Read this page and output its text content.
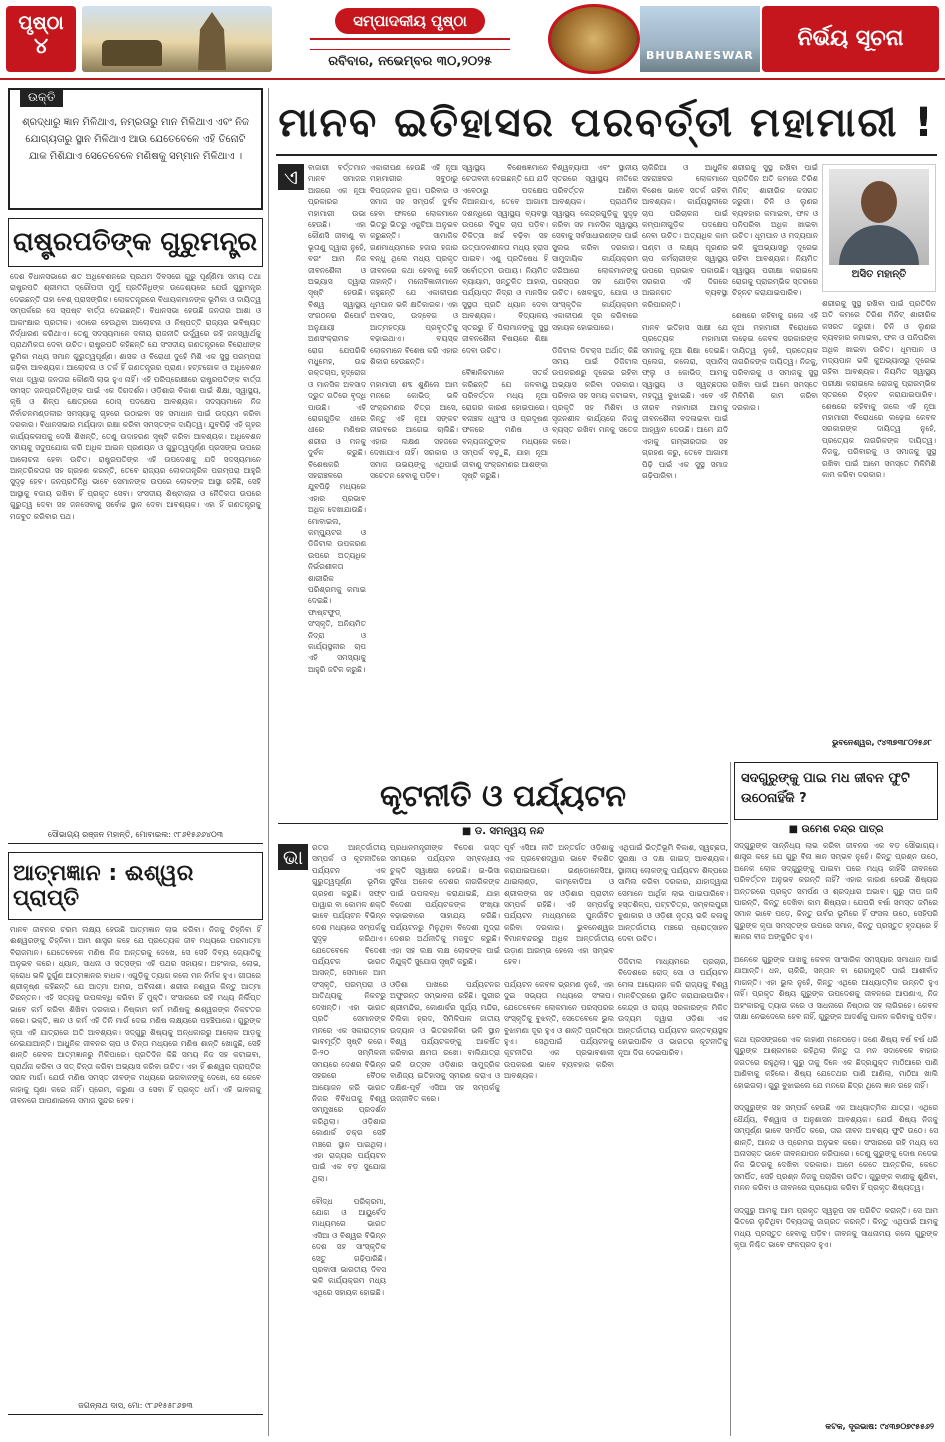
ପୃଷ୍ଠା
୪
ସମ୍ପାଦକୀୟ ପୃଷ୍ଠା
ରବିବାର, ନଭେମ୍ବର ୩୦,୨୦୨୫	BHUBANESWAR
ନିର୍ଭୟ ସୂଚନା
ଉକ୍ତି

ଶ୍ରଦ୍ଧାରୁ ଜ୍ଞାନ ମିଳିଥାଏ, ନମ୍ରତାରୁ ମାନ ମିଳିଥାଏ ଏବଂ ନିଜ ଯୋଗ୍ୟତାରୁ ସ୍ଥାନ ମିଳିଥାଏ ଆଉ ଯେତେବେଳେ ଏହି ତିନୋଟି ଯାକ ମିଶିଯାଏ ସେତେବେଳେ ମଣିଷକୁ ସମ୍ମାନ ମିଳିଥାଏ ।

ରାଷ୍ଟ୍ରପତିଙ୍କ ଗୁରୁମନ୍ତ୍ର
ଦେଶ ବିଧାନସଭାରେ ଶତ ଅଧିବେଶନରେ ପ୍ରଥମ ଦିବସରେ ଗୁରୁ ପୂର୍ଣ୍ଣିମା ସମୟ ତଥା ରାଷ୍ଟ୍ରପତି ଶ୍ରୀମତୀ ଦ୍ରୌପଦୀ ମୁର୍ମୁ ପ୍ରତିନିଧିଙ୍କ ଉଦ୍ଦେଶ୍ୟରେ ଯେଉଁ ଗୁରୁମନ୍ତ୍ର ଦେଇଛନ୍ତି ତାହା ବେଶ୍ ପ୍ରାସଙ୍ଗିକ। ଲୋକତନ୍ତ୍ରରେ ବିଧାୟକମାନଙ୍କ ଭୂମିକା ଓ ଦାୟିତ୍ୱ ସମ୍ପର୍କରେ ସେ ସ୍ପଷ୍ଟ ବାର୍ତ୍ତା ଦେଇଛନ୍ତି। ବିଧାନସଭା ହେଉଛି ଜନତାର ଆଶା ଓ ଆକାଂକ୍ଷାର ପ୍ରତୀକ। ଏଠାରେ ହେଉଥିବା ଆଲୋଚନା ଓ ନିଷ୍ପତ୍ତି ରାଜ୍ୟର ଭବିଷ୍ୟତ ନିର୍ଦ୍ଧାରଣ କରିଥାଏ। ତେଣୁ ସଦସ୍ୟମାନେ ଦଳୀୟ ରାଜନୀତି ଉର୍ଦ୍ଧ୍ୱରେ ରହି ଜନସ୍ୱାର୍ଥକୁ ପ୍ରାଥମିକତା ଦେବା ଉଚିତ। ରାଷ୍ଟ୍ରପତି କହିଛନ୍ତି ଯେ ସଂସଦୀୟ ଗଣତନ୍ତ୍ରରେ ବିରୋଧୀଙ୍କ ଭୂମିକା ମଧ୍ୟ ସମାନ ଗୁରୁତ୍ୱପୂର୍ଣ୍ଣ। ଶାସକ ଓ ବିରୋଧୀ ଦୁହେଁ ମିଶି ଏକ ସୁସ୍ଥ ପରମ୍ପରା ଗଢ଼ିବା ଆବଶ୍ୟକ। ଆଲୋଚନା ଓ ତର୍କ ହିଁ ଗଣତନ୍ତ୍ରର ପ୍ରାଣ। ହଟ୍ଟଗୋଳ ଓ ଅଧିବେଶନ ବାଧା ଦ୍ୱାରା ଜନତାର କୌଣସି ଲାଭ ହୁଏ ନାହିଁ। ଏହି ପରିପ୍ରେକ୍ଷୀରେ ରାଷ୍ଟ୍ରପତିଙ୍କ ବାର୍ତ୍ତା ସମସ୍ତ ଜନପ୍ରତିନିଧିଙ୍କ ପାଇଁ ଏକ ଦିଗଦର୍ଶନ। ଓଡ଼ିଶାର ବିକାଶ ପାଇଁ ଶିକ୍ଷା, ସ୍ୱାସ୍ଥ୍ୟ, କୃଷି ଓ ଶିଳ୍ପ କ୍ଷେତ୍ରରେ ଠୋସ୍ ପଦକ୍ଷେପ ଆବଶ୍ୟକ। ସଦସ୍ୟମାନେ ନିଜ ନିର୍ବାଚନମଣ୍ଡଳୀର ସମସ୍ୟାକୁ ଗୃହରେ ଉଠାଇବା ସହ ସମାଧାନ ପାଇଁ ଉଦ୍ୟମ କରିବା ଦରକାର। ବିଧାନସଭାର ମର୍ଯ୍ୟାଦା ରକ୍ଷା କରିବା ସମସ୍ତଙ୍କ ଦାୟିତ୍ୱ। ଯୁବପିଢ଼ି ଏହି ଗୃହର କାର୍ଯ୍ୟକଳାପକୁ ଦେଖି ଶିଖନ୍ତି, ତେଣୁ ଉଦାହରଣ ସୃଷ୍ଟି କରିବା ଆବଶ୍ୟକ। ଅଧିବେଶନ ସମୟକୁ ସଦୁପଯୋଗ କରି ଅଧିକ ଆଇନ ପ୍ରଣୟନ ଓ ଗୁରୁତ୍ୱପୂର୍ଣ୍ଣ ପ୍ରସଙ୍ଗ ଉପରେ ଆଲୋଚନା ହେବା ଉଚିତ। ରାଷ୍ଟ୍ରପତିଙ୍କ ଏହି ଉପଦେଶକୁ ଯଦି ସଦସ୍ୟମାନେ ଆନ୍ତରିକତାର ସହ ଗ୍ରହଣ କରନ୍ତି, ତେବେ ରାଜ୍ୟର ଲୋକତାନ୍ତ୍ରିକ ପରମ୍ପରା ଆହୁରି ସୁଦୃଢ଼ ହେବ। ଜନପ୍ରତିନିଧି ଭାବେ ସେମାନଙ୍କ ଉପରେ ଲୋକଙ୍କ ଆସ୍ଥା ରହିଛି, ସେହି ଆସ୍ଥାକୁ ବଜାୟ ରଖିବା ହିଁ ପ୍ରକୃତ ସେବା। ସଂସଦୀୟ ଶିଷ୍ଟାଚାର ଓ ନୈତିକତା ଉପରେ ଗୁରୁତ୍ୱ ଦେବା ସହ ଜନସେବାକୁ ସର୍ବୋଚ୍ଚ ସ୍ଥାନ ଦେବା ଆବଶ୍ୟକ। ଏହା ହିଁ ଗଣତନ୍ତ୍ରକୁ ମଜବୁତ କରିବାର ପଥ।
ସୌଭାଗ୍ୟ ରଞ୍ଜନ ମହାନ୍ତି, ମୋବାଇଲ: ୯୮୬୧୫୬୬୪୦୩
ଆତ୍ମଜ୍ଞାନ : ଈଶ୍ୱର ପ୍ରାପ୍ତି
ମାନବ ଜୀବନର ଚରମ ଲକ୍ଷ୍ୟ ହେଉଛି ଆତ୍ମଜ୍ଞାନ ଲାଭ କରିବା। ନିଜକୁ ଚିହ୍ନିବା ହିଁ ଈଶ୍ୱରଙ୍କୁ ଚିହ୍ନିବା। ଆମ ଶାସ୍ତ୍ର କହେ ଯେ ପ୍ରତ୍ୟେକ ଜୀବ ମଧ୍ୟରେ ପରମାତ୍ମା ବିରାଜମାନ। ଯେତେବେଳେ ମଣିଷ ନିଜ ଅନ୍ତରକୁ ଦେଖେ, ସେ ସେହି ଦିବ୍ୟ ଜ୍ୟୋତିକୁ ଅନୁଭବ କରେ। ଧ୍ୟାନ, ସାଧନା ଓ ସତ୍ସଙ୍ଗ ଏହି ପଥର ସହାୟକ। ଅହଂକାର, ଲୋଭ, କ୍ରୋଧ ଭଳି ଦୁର୍ଗୁଣ ଆତ୍ମଜ୍ଞାନର ବାଧକ। ଏଗୁଡ଼ିକୁ ତ୍ୟାଗ କଲେ ମନ ନିର୍ମଳ ହୁଏ। ଗୀତାରେ ଶ୍ରୀକୃଷ୍ଣ କହିଛନ୍ତି ଯେ ଆତ୍ମା ଅମର, ଅବିନାଶୀ। ଶରୀର ନଶ୍ୱର କିନ୍ତୁ ଆତ୍ମା ଚିରନ୍ତନ। ଏହି ସତ୍ୟକୁ ଉପଲବ୍ଧି କରିବା ହିଁ ମୁକ୍ତି। ସଂସାରରେ ରହି ମଧ୍ୟ ନିର୍ଲିପ୍ତ ଭାବେ କର୍ମ କରିବା ଶିଖିବା ଦରକାର। ନିଷ୍କାମ କର୍ମ ମଣିଷକୁ ଈଶ୍ୱରଙ୍କ ନିକଟତର କରେ। ଭକ୍ତି, ଜ୍ଞାନ ଓ କର୍ମ ଏହି ତିନି ମାର୍ଗ ଦେଇ ମଣିଷ ଲକ୍ଷ୍ୟରେ ପହଞ୍ଚିପାରେ। ଗୁରୁଙ୍କ କୃପା ଏହି ଯାତ୍ରାରେ ଅତି ଆବଶ୍ୟକ। ସଦ୍ଗୁରୁ ଶିଷ୍ୟକୁ ଅନ୍ଧକାରରୁ ଆଲୋକ ଆଡ଼କୁ ନେଇଯାଆନ୍ତି। ଆଧୁନିକ ଜୀବନର ଚାପ ଓ ଚିନ୍ତା ମଧ୍ୟରେ ମଣିଷ ଶାନ୍ତି ଖୋଜୁଛି, ସେହି ଶାନ୍ତି କେବଳ ଆତ୍ମଜ୍ଞାନରୁ ମିଳିପାରେ। ପ୍ରତିଦିନ କିଛି ସମୟ ନିଜ ସହ କଟାଇବା, ପ୍ରାର୍ଥନା କରିବା ଓ ସତ୍ ଚିନ୍ତା କରିବା ଅଭ୍ୟାସ କରିବା ଉଚିତ। ଏହା ହିଁ ଈଶ୍ୱର ପ୍ରାପ୍ତିର ସରଳ ମାର୍ଗ। ଯେଉଁ ମଣିଷ ସମସ୍ତ ଜୀବଙ୍କ ମଧ୍ୟରେ ଭଗବାନଙ୍କୁ ଦେଖେ, ସେ କେବେ କାହାକୁ ଘୃଣା କରେ ନାହିଁ। ପ୍ରେମ, କରୁଣା ଓ ସେବା ହିଁ ପ୍ରକୃତ ଧର୍ମ। ଏହି ଭାବନାକୁ ଜୀବନରେ ଆପଣାଇଲେ ସମାଜ ସୁନ୍ଦର ହେବ।
ଜଗନ୍ନାଥ ଦାସ, ମୋ: ୯୮୬୧୫୫୮୬୭୩
ମାନବ ଇତିହାସର ପରବର୍ତ୍ତୀ ମହାମାରୀ !
ଏ	ବାଜାରୀ ବର୍ତ୍ତମାନ ମାନବ ସମାଜର ଆଗରେ ଏକ ନୂଆ ପ୍ରକାରର ମହାମାରୀ ଉଭା ହେଉଛି। ଏହା କୌଣସି ଜୀବାଣୁ ବା ଭୂତାଣୁ ଦ୍ୱାରା ନୁହେଁ, ବରଂ ଆମ ନିଜ ଜୀବନଶୈଳୀ ଓ ଅଭ୍ୟାସ ଦ୍ୱାରା ସୃଷ୍ଟି ହେଉଛି। ବିଶ୍ୱ ସ୍ୱାସ୍ଥ୍ୟ ସଂଗଠନର ରିପୋର୍ଟ ଅନୁଯାୟୀ ଅଣସଂକ୍ରାମକ ରୋଗ ଯେପରିକି ମଧୁମେହ, ଉଚ୍ଚ ରକ୍ତଚାପ, ହୃଦ୍‌ରୋଗ ଓ ମାନସିକ ଅବସାଦ ଦ୍ରୁତ ଗତିରେ ବୃଦ୍ଧି ପାଉଛି। ଏହି ରୋଗଗୁଡ଼ିକ ଧୀରେ ଧୀରେ ମଣିଷର ଶରୀର ଓ ମନକୁ ଦୁର୍ବଳ କରୁଛି। ବିଶେଷକରି ସହରାଞ୍ଚଳରେ ଯୁବପିଢ଼ି ମଧ୍ୟରେ ଏହାର ପ୍ରଭାବ ଅଧିକ ଦେଖାଯାଉଛି। ମୋବାଇଲ, କମ୍ପ୍ୟୁଟର ଓ ଡିଜିଟାଲ ଉପକରଣ ଉପରେ ଅତ୍ୟଧିକ ନିର୍ଭରଶୀଳତା ଶାରୀରିକ ପରିଶ୍ରମକୁ କମାଇ ଦେଇଛି। ଫାଷ୍ଟଫୁଡ୍ ସଂସ୍କୃତି, ଅନିୟମିତ ନିଦ୍ରା ଓ କାର୍ଯ୍ୟସ୍ଥଳୀର ଚାପ ଏହି ସମସ୍ୟାକୁ ଆହୁରି ଜଟିଳ କରୁଛି।
ଏକାକୀପଣ ହେଉଛି ଏହି ନୂଆ ମହାମାରୀର ସବୁଠାରୁ ବିପଜ୍ଜନକ ରୂପ। ପରିବାର ଓ ସମାଜ ସହ ସମ୍ପର୍କ ଦୁର୍ବଳ ହେବା ଫଳରେ ଲୋକମାନେ ଭିତରୁ ଭିତରୁ ଏକୁଟିଆ ଅନୁଭବ କରୁଛନ୍ତି। ସାମାଜିକ ଗଣମାଧ୍ୟମରେ ହଜାର ହଜାର ବନ୍ଧୁ ଥିଲେ ମଧ୍ୟ ପ୍ରକୃତ ଜୀବନରେ କଥା ହେବାକୁ କେହି ନାହାନ୍ତି। ମନୋବିଜ୍ଞାନୀମାନେ କହୁଛନ୍ତି ଯେ ଏକାକୀପଣ ଧୂମପାନ ଭଳି କ୍ଷତିକାରକ। ଏହା ଅବସାଦ, ଉଦ୍‌ବେଗ ଓ ଆତ୍ମହତ୍ୟା ପ୍ରବୃତ୍ତିକୁ ବଢ଼ାଇଥାଏ। ବୟସ୍କ ଲୋକମାନେ ବିଶେଷ କରି ଏହାର ଶିକାର ହେଉଛନ୍ତି।

ମହାମାରୀ ଶବ୍ଦ ଶୁଣିଲେ ଆମ ମନରେ କୋଭିଡ୍ ଭଳି ସଂକ୍ରମଣର ଚିତ୍ର ଆସେ, କିନ୍ତୁ ଏହି ନୂଆ ସଙ୍କଟ ନୀରବରେ ଆଗେଇ ଚାଲିଛି। ଏହାର ଲକ୍ଷଣ ସହଜରେ ଦେଖାଯାଏ ନାହିଁ। ସରକାର ଓ ସମାଜ ଉଭୟଙ୍କୁ ଏଥିପାଇଁ ସଚେତନ ହେବାକୁ ପଡ଼ିବ।
ସ୍ୱାସ୍ଥ୍ୟ ବିଶେଷଜ୍ଞମାନେ ଚେତାବନୀ ଦେଇଛନ୍ତି ଯେ ଯଦି ଏବେଠାରୁ ପଦକ୍ଷେପ ନିଆନଯାଏ, ତେବେ ଆଗାମୀ ଦଶନ୍ଧିରେ ସ୍ୱାସ୍ଥ୍ୟ ବ୍ୟବସ୍ଥା ଉପରେ ବିପୁଳ ଚାପ ପଡ଼ିବ। ଚିକିତ୍ସା ଖର୍ଚ୍ଚ ବଢ଼ିବା ସହ ଉତ୍ପାଦନଶୀଳତା ମଧ୍ୟ ହ୍ରାସ ପାଇବ। ଏଣୁ ପ୍ରତିଷେଧ ହିଁ ସର୍ବୋତ୍ତମ ଉପାୟ। ନିୟମିତ ବ୍ୟାୟାମ, ସନ୍ତୁଳିତ ଆହାର, ପର୍ଯ୍ୟାପ୍ତ ନିଦ୍ରା ଓ ମାନସିକ ସୁସ୍ଥତା ପ୍ରତି ଧ୍ୟାନ ଦେବା ଆବଶ୍ୟକ। ବିଦ୍ୟାଳୟ ସ୍ତରରୁ ହିଁ ପିଲାମାନଙ୍କୁ ସୁସ୍ଥ ଜୀବନଶୈଳୀ ବିଷୟରେ ଶିକ୍ଷା ଦେବା ଉଚିତ।

ବୈଜ୍ଞାନିକମାନେ ସତର୍କ କରିଛନ୍ତି ଯେ ଜଳବାୟୁ ପରିବର୍ତ୍ତନ ମଧ୍ୟ ନୂଆ ରୋଗର କାରଣ ହୋଇପାରେ। ବନାଞ୍ଚଳ ଧ୍ୱଂସ ଓ ପ୍ରଦୂଷଣ ଫଳରେ ମଣିଷ ଓ ବନ୍ୟଜନ୍ତୁଙ୍କ ମଧ୍ୟରେ ସମ୍ପର୍କ ବଢ଼ୁଛି, ଯାହା ନୂଆ ଜୀବାଣୁ ସଂକ୍ରମଣର ଆଶଙ୍କା ସୃଷ୍ଟି କରୁଛି।
ବିଶ୍ୱବ୍ୟାପୀ ଏବଂ ସ୍ଥାନୀୟ ସ୍ତରରେ ସ୍ୱାସ୍ଥ୍ୟ ନୀତିରେ ପରିବର୍ତ୍ତନ ଆଣିବା ଆବଶ୍ୟକ। ପ୍ରାଥମିକ ସ୍ୱାସ୍ଥ୍ୟ କେନ୍ଦ୍ରଗୁଡ଼ିକୁ ସୁଦୃଢ଼ କରିବା ସହ ମାନସିକ ସ୍ୱାସ୍ଥ୍ୟ ସେବାକୁ ସର୍ବସାଧାରଣଙ୍କ ପାଇଁ ସୁଲଭ କରିବା ଦରକାର। ସାମୁଦାୟିକ କାର୍ଯ୍ୟକ୍ରମ ଜରିଆରେ ଲୋକମାନଙ୍କୁ ପରସ୍ପର ସହ ଯୋଡ଼ିବା ଉଚିତ। ଖେଳକୁଦ, ଯୋଗ ଓ ସାଂସ୍କୃତିକ କାର୍ଯ୍ୟକ୍ରମ ଏକାକୀପଣ ଦୂର କରିବାରେ ସହାୟକ ହୋଇପାରେ।

ଡିଜିଟାଲ ଡିଟକ୍ସ ଅର୍ଥାତ୍ କିଛି ସମୟ ପାଇଁ ଡିଜିଟାଲ ଉପକରଣରୁ ଦୂରେଇ ରହିବା ଅଭ୍ୟାସ କରିବା ଦରକାର। ପରିବାର ସହ ସମୟ କଟାଇବା, ପ୍ରକୃତି ସହ ମିଶିବା ଓ ସୃଜନଶୀଳ କାର୍ଯ୍ୟରେ ନିଜକୁ ବ୍ୟସ୍ତ ରଖିବା ମନକୁ ସତେଜ କରେ।
ଚାକିରିଆ ଓ ଆଧୁନିକ ସହରାଞ୍ଚଳର ଲୋକମାନେ ବିଶେଷ ଭାବେ ସତର୍କ ରହିବା ଆବଶ୍ୟକ। କାର୍ଯ୍ୟସ୍ଥଳୀରେ ଚାପ ପରିଚାଳନା ପାଇଁ କମ୍ପାନୀଗୁଡ଼ିକ ପଦକ୍ଷେପ ନେବା ଉଚିତ। ଅତ୍ୟଧିକ କାମ ଘଣ୍ଟା ଓ ଲକ୍ଷ୍ୟ ପୂରଣର ଚାପ କର୍ମଚାରୀଙ୍କ ସ୍ୱାସ୍ଥ୍ୟ ଉପରେ ପ୍ରଭାବ ପକାଉଛି। ସରକାର ଏହି ଦିଗରେ ଆଇନଗତ ବ୍ୟବସ୍ଥା କରିପାରନ୍ତି।

ମାନବ ଇତିହାସ ସାକ୍ଷୀ ଯେ ପ୍ରତ୍ୟେକ ମହାମାରୀ ସମାଜକୁ ନୂଆ ଶିକ୍ଷା ଦେଇଛି। ପ୍ଲେଗ, କଲେରା, ସ୍ପାନିସ୍ ଫ୍ଲୁ ଓ କୋଭିଡ୍ ଆମକୁ ସ୍ୱାସ୍ଥ୍ୟ ଓ ସ୍ୱଚ୍ଛତାର ମହତ୍ତ୍ୱ ବୁଝାଇଛି। ଏବେ ଏହି ନୀରବ ମହାମାରୀ ଆମକୁ ଜୀବନଶୈଳୀ ବଦଳାଇବା ପାଇଁ ଆହ୍ୱାନ ଦେଉଛି। ଆମେ ଯଦି ଏହାକୁ ଗମ୍ଭୀରତାର ସହ ଗ୍ରହଣ କରୁ, ତେବେ ଆଗାମୀ ପିଢ଼ି ପାଇଁ ଏକ ସୁସ୍ଥ ସମାଜ ଗଢ଼ିପାରିବା।
ଶରୀରକୁ ସୁସ୍ଥ ରଖିବା ପାଇଁ ପ୍ରତିଦିନ ଅତି କମରେ ତିରିଶ ମିନିଟ୍ ଶାରୀରିକ କସରତ ଜରୁରୀ। ଚିନି ଓ ଲୁଣର ବ୍ୟବହାର କମାଇବା, ଫଳ ଓ ପନିପରିବା ଅଧିକ ଖାଇବା ଉଚିତ। ଧୂମପାନ ଓ ମଦ୍ୟପାନ ଭଳି କୁଅଭ୍ୟାସରୁ ଦୂରେଇ ରହିବା ଆବଶ୍ୟକ। ନିୟମିତ ସ୍ୱାସ୍ଥ୍ୟ ପରୀକ୍ଷା କରାଇଲେ ରୋଗକୁ ପ୍ରାରମ୍ଭିକ ସ୍ତରରେ ଚିହ୍ନଟ କରାଯାଇପାରିବ।

ଶେଷରେ କହିବାକୁ ଗଲେ ଏହି ନୂଆ ମହାମାରୀ ବିରୋଧରେ ଲଢ଼େଇ କେବଳ ସରକାରଙ୍କ ଦାୟିତ୍ୱ ନୁହେଁ, ପ୍ରତ୍ୟେକ ନାଗରିକଙ୍କ ଦାୟିତ୍ୱ। ନିଜକୁ, ପରିବାରକୁ ଓ ସମାଜକୁ ସୁସ୍ଥ ରଖିବା ପାଇଁ ଆମେ ସମସ୍ତେ ମିଳିମିଶି କାମ କରିବା ଦରକାର।
ଅସିତ ମହାନ୍ତି
ଶରୀରକୁ ସୁସ୍ଥ ରଖିବା ପାଇଁ ପ୍ରତିଦିନ ଅତି କମରେ ତିରିଶ ମିନିଟ୍ ଶାରୀରିକ କସରତ ଜରୁରୀ। ଚିନି ଓ ଲୁଣର ବ୍ୟବହାର କମାଇବା, ଫଳ ଓ ପନିପରିବା ଅଧିକ ଖାଇବା ଉଚିତ। ଧୂମପାନ ଓ ମଦ୍ୟପାନ ଭଳି କୁଅଭ୍ୟାସରୁ ଦୂରେଇ ରହିବା ଆବଶ୍ୟକ। ନିୟମିତ ସ୍ୱାସ୍ଥ୍ୟ ପରୀକ୍ଷା କରାଇଲେ ରୋଗକୁ ପ୍ରାରମ୍ଭିକ ସ୍ତରରେ ଚିହ୍ନଟ କରାଯାଇପାରିବ। ଶେଷରେ କହିବାକୁ ଗଲେ ଏହି ନୂଆ ମହାମାରୀ ବିରୋଧରେ ଲଢ଼େଇ କେବଳ ସରକାରଙ୍କ ଦାୟିତ୍ୱ ନୁହେଁ, ପ୍ରତ୍ୟେକ ନାଗରିକଙ୍କ ଦାୟିତ୍ୱ। ନିଜକୁ, ପରିବାରକୁ ଓ ସମାଜକୁ ସୁସ୍ଥ ରଖିବା ପାଇଁ ଆମେ ସମସ୍ତେ ମିଳିମିଶି କାମ କରିବା ଦରକାର।
ଭୁବନେଶ୍ୱର, ୯୪୩୭୩୮୦୨୫୬୮
କୂଟନୀତି ଓ ପର୍ଯ୍ୟଟନ
■ ଡ. ସମନ୍ୱୟ ନନ୍ଦ
ଭା	ରତର ଆନ୍ତର୍ଜାତୀୟ ସମ୍ପର୍କ ଓ କୂଟନୀତିରେ ପର୍ଯ୍ୟଟନ ଏକ ଗୁରୁତ୍ୱପୂର୍ଣ୍ଣ ଭୂମିକା ଗ୍ରହଣ କରୁଛି। ସଫ୍ଟ ପାୱାର ବା କୋମଳ ଶକ୍ତି ଭାବେ ପର୍ଯ୍ୟଟନ ବିଭିନ୍ନ ଦେଶ ମଧ୍ୟରେ ସମ୍ପର୍କକୁ ସୁଦୃଢ଼ କରିଥାଏ। ଯେତେବେଳେ ବିଦେଶୀ ପର୍ଯ୍ୟଟକ ଭାରତ ଆସନ୍ତି, ସେମାନେ ଆମ ସଂସ୍କୃତି, ପରମ୍ପରା ଓ ଆତିଥ୍ୟକୁ ନିକଟରୁ ଦେଖନ୍ତି। ଏହା ଭାରତ ପ୍ରତି ସେମାନଙ୍କ ମନରେ ଏକ ସକାରାତ୍ମକ ଭାବମୂର୍ତ୍ତି ସୃଷ୍ଟି କରେ। ଜି-୨୦ ସମ୍ମିଳନୀ ସମୟରେ ଦେଶର ବିଭିନ୍ନ ସହରରେ ବୈଠକ ଆୟୋଜନ କରି ଭାରତ ନିଜର ବିବିଧତାକୁ ବିଶ୍ୱ ସମ୍ମୁଖରେ ପ୍ରଦର୍ଶନ କରିଥିଲା। ଓଡ଼ିଶାର କୋଣାର୍କ ଚକ୍ର ସେହି ମଞ୍ଚରେ ସ୍ଥାନ ପାଇଥିଲା। ଏହା ରାଜ୍ୟର ପର୍ଯ୍ୟଟନ ପାଇଁ ଏକ ବଡ଼ ସୁଯୋଗ ଥିଲା।

ବୌଦ୍ଧ ପରିକ୍ରମା, ଯୋଗ ଓ ଆୟୁର୍ବେଦ ମାଧ୍ୟମରେ ଭାରତ ଏସିଆ ଓ ବିଶ୍ୱର ବିଭିନ୍ନ ଦେଶ ସହ ସାଂସ୍କୃତିକ ସେତୁ ଗଢ଼ିପାରିଛି। ପ୍ରବାସୀ ଭାରତୀୟ ଦିବସ ଭଳି କାର୍ଯ୍ୟକ୍ରମ ମଧ୍ୟ ଏଥିରେ ସହାୟକ ହୋଇଛି।
ପ୍ରଧାନମନ୍ତ୍ରୀଙ୍କ ବିଦେଶ ଗସ୍ତ ସମୟରେ ପର୍ଯ୍ୟଟନ ସମ୍ବନ୍ଧୀୟ ଚୁକ୍ତି ସ୍ୱାକ୍ଷର ହେଉଛି। ଇ-ଭିସା ସୁବିଧା ଅନେକ ଦେଶର ନାଗରିକଙ୍କ ପାଇଁ ଉପଲବ୍ଧ କରାଯାଇଛି, ଯାହା ବିଦେଶୀ ପର୍ଯ୍ୟଟକଙ୍କ ସଂଖ୍ୟା ବଢ଼ାଇବାରେ ସାହାଯ୍ୟ କରିଛି। ପର୍ଯ୍ୟଟନରୁ ମିଳୁଥିବା ବିଦେଶୀ ମୁଦ୍ରା ଦେଶର ଅର୍ଥନୀତିକୁ ମଜବୁତ କରୁଛି। ଏହା ସହ ଲକ୍ଷ ଲକ୍ଷ ଲୋକଙ୍କ ପାଇଁ ନିଯୁକ୍ତି ସୁଯୋଗ ସୃଷ୍ଟି କରୁଛି।

ଓଡ଼ିଶା ପାଖରେ ପର୍ଯ୍ୟଟନର ଅଫୁରନ୍ତ ସମ୍ଭାବନା ରହିଛି। ପୁରୀର ଶ୍ରୀମନ୍ଦିର, କୋଣାର୍କର ସୂର୍ଯ୍ୟ ମନ୍ଦିର, ଚିଲିକା ହ୍ରଦ, ସିମିଳିପାଳ ଜାତୀୟ ଉଦ୍ୟାନ ଓ ଭିତରକନିକା ଭଳି ସ୍ଥାନ ବିଶ୍ୱ ପର୍ଯ୍ୟଟକଙ୍କୁ ଆକର୍ଷିତ କରିବାର କ୍ଷମତା ରଖେ। ବାଲିଯାତ୍ରା ଭଳି ଉତ୍ସବ ଓଡ଼ିଶାର ସାମୁଦ୍ରିକ ବାଣିଜ୍ୟ ଇତିହାସକୁ ସ୍ମରଣ କରାଏ ଓ ଦକ୍ଷିଣ-ପୂର୍ବ ଏସିଆ ସହ ସମ୍ପର୍କକୁ ଉଜ୍ଜୀବିତ କରେ।
ପୂର୍ବ ଏସିଆ ନୀତି ଅନ୍ତର୍ଗତ ଓଡ଼ିଶାକୁ ଏକ ପ୍ରବେଶଦ୍ୱାର ଭାବେ ବିକଶିତ କରାଯାଇପାରେ। ଇଣ୍ଡୋନେସିଆ, ଥାଇଲାଣ୍ଡ, କାମ୍ବୋଡିଆ ଓ ଶ୍ରୀଲଙ୍କା ସହ ଓଡ଼ିଶାର ପ୍ରାଚୀନ ସମ୍ପର୍କ ରହିଛି। ଏହି ସମ୍ପର୍କକୁ ପର୍ଯ୍ୟଟନ ମାଧ୍ୟମରେ ପୁନର୍ଜୀବିତ କରିବା ଦରକାର। ଭୁବନେଶ୍ୱର ବିମାନବନ୍ଦରରୁ ଅଧିକ ଆନ୍ତର୍ଜାତୀୟ ଉଡ଼ାଣ ଆରମ୍ଭ ହେଲେ ଏହା ସମ୍ଭବ ହେବ।

ପର୍ଯ୍ୟଟନ କେବଳ ଭ୍ରମଣ ନୁହେଁ, ଏହା ଦୁଇ ସଭ୍ୟତା ମଧ୍ୟରେ ସଂଳାପ। ଯେତେବେଳେ ଲୋକମାନେ ପରସ୍ପରର ସଂସ୍କୃତିକୁ ବୁଝନ୍ତି, ସେତେବେଳେ ଭୁଲ ବୁଝାମଣା ଦୂର ହୁଏ ଓ ଶାନ୍ତି ପ୍ରତିଷ୍ଠା ହୁଏ। ସେଥିପାଇଁ ପର୍ଯ୍ୟଟନକୁ କୂଟନୀତିର ଏକ ପ୍ରଭାବଶାଳୀ ଉପକରଣ ଭାବେ ବ୍ୟବହାର କରିବା ଆବଶ୍ୟକ।
ଏଥିପାଇଁ ଭିତ୍ତିଭୂମି ବିକାଶ, ସ୍ୱଚ୍ଛତା, ସୁରକ୍ଷା ଓ ଦକ୍ଷ ଗାଇଡ୍ ଆବଶ୍ୟକ। ସ୍ଥାନୀୟ ଲୋକଙ୍କୁ ପର୍ଯ୍ୟଟନ ଶିଳ୍ପରେ ସାମିଲ କରିବା ଦରକାର, ଯାହାଦ୍ୱାରା ସେମାନେ ଆର୍ଥିକ ଲାଭ ପାଇପାରିବେ। ହସ୍ତଶିଳ୍ପ, ପଟ୍ଟଚିତ୍ର, ସମ୍ବଲପୁରୀ ବୁଣାକାର ଓ ଓଡ଼ିଶୀ ନୃତ୍ୟ ଭଳି କଳାକୁ ଆନ୍ତର୍ଜାତୀୟ ମଞ୍ଚରେ ପ୍ରୋତ୍ସାହନ ଦେବା ଉଚିତ।

ଡିଜିଟାଲ ମାଧ୍ୟମରେ ପ୍ରଚାର, ବିଦେଶରେ ରୋଡ୍ ସୋ ଓ ପର୍ଯ୍ୟଟନ ମେଳା ଆୟୋଜନ କରି ରାଜ୍ୟକୁ ବିଶ୍ୱ ମାନଚିତ୍ରରେ ସ୍ଥାନିତ କରାଯାଇପାରିବ। କେନ୍ଦ୍ର ଓ ରାଜ୍ୟ ସରକାରଙ୍କ ମିଳିତ ଉଦ୍ୟମ ଦ୍ୱାରା ଓଡ଼ିଶା ଏକ ଆନ୍ତର୍ଜାତୀୟ ପର୍ଯ୍ୟଟନ ଗନ୍ତବ୍ୟସ୍ଥଳ ହୋଇପାରିବ ଓ ଭାରତର କୂଟନୀତିକୁ ନୂଆ ଦିଗ ଦେଇପାରିବ।
ସଦଗୁରୁଙ୍କୁ ପାଇ ମଧ ଜୀବନ ଫୁଟି ଉଠେନାହିଁକି ?
■ ଉମେଶ ଚନ୍ଦ୍ର ପାତ୍ର
ସଦ୍ଗୁରୁଙ୍କ ସାନ୍ନିଧ୍ୟ ଲାଭ କରିବା ଜୀବନର ଏକ ବଡ଼ ସୌଭାଗ୍ୟ। ଶାସ୍ତ୍ର କହେ ଯେ ଗୁରୁ ବିନା ଜ୍ଞାନ ସମ୍ଭବ ନୁହେଁ। କିନ୍ତୁ ପ୍ରଶ୍ନ ଉଠେ, ଅନେକ ଲୋକ ସଦ୍ଗୁରୁଙ୍କୁ ପାଇବା ପରେ ମଧ୍ୟ କାହିଁକି ଜୀବନରେ ପରିବର୍ତ୍ତନ ଅନୁଭବ କରନ୍ତି ନାହିଁ? ଏହାର କାରଣ ହେଉଛି ଶିଷ୍ୟର ଅନ୍ତରରେ ପ୍ରକୃତ ସମର୍ପଣ ଓ ଶ୍ରଦ୍ଧାର ଅଭାବ। ଗୁରୁ ଦୀପ ଜାଳି ପାରନ୍ତି, କିନ୍ତୁ ଦେଖିବା କାମ ଶିଷ୍ୟର। ଯେପରି ବର୍ଷା ସମସ୍ତ ଜମିରେ ସମାନ ଭାବେ ପଡ଼େ, କିନ୍ତୁ ଉର୍ବର ଭୂମିରେ ହିଁ ଫସଲ ଉଠେ, ସେହିପରି ଗୁରୁଙ୍କ କୃପା ସମସ୍ତଙ୍କ ଉପରେ ସମାନ, କିନ୍ତୁ ପ୍ରସ୍ତୁତ ହୃଦୟରେ ହିଁ ଜ୍ଞାନର ବୀଜ ଅଙ୍କୁରିତ ହୁଏ।

ଅନେକେ ଗୁରୁଙ୍କ ପାଖକୁ କେବଳ ସାଂସାରିକ ସମସ୍ୟାର ସମାଧାନ ପାଇଁ ଯାଆନ୍ତି। ଧନ, ଚାକିରି, ସନ୍ତାନ ବା ରୋଗମୁକ୍ତି ପାଇଁ ଆଶୀର୍ବାଦ ମାଗନ୍ତି। ଏହା ଭୁଲ ନୁହେଁ, କିନ୍ତୁ ଏଥିରେ ଆଧ୍ୟାତ୍ମିକ ଉନ୍ନତି ହୁଏ ନାହିଁ। ପ୍ରକୃତ ଶିଷ୍ୟ ଗୁରୁଙ୍କ ଉପଦେଶକୁ ଜୀବନରେ ଆପଣାଏ, ନିଜ ଅହଂକାରକୁ ତ୍ୟାଗ କରେ ଓ ସାଧନାରେ ନିଷ୍ଠାର ସହ ଲାଗିରହେ। କେବଳ ଦୀକ୍ଷା ନେଇଦେଲେ ହେବ ନାହିଁ, ଗୁରୁଙ୍କ ଆଦର୍ଶକୁ ପାଳନ କରିବାକୁ ପଡ଼ିବ।

କଥା ପ୍ରସଙ୍ଗରେ ଏକ କାହାଣୀ ମନେପଡ଼େ। ଜଣେ ଶିଷ୍ୟ ବର୍ଷ ବର୍ଷ ଧରି ଗୁରୁଙ୍କ ଆଶ୍ରମରେ ରହିଥିଲା କିନ୍ତୁ ତା ମନ ସଦାବେଳେ ବାହାର ଜଗତରେ ରହୁଥିଲା। ଗୁରୁ ତାକୁ ଦିନେ ଏକ ଛିଦ୍ରଯୁକ୍ତ ମାଠିଆରେ ପାଣି ଆଣିବାକୁ କହିଲେ। ଶିଷ୍ୟ ଯେତେଥର ପାଣି ଆଣିଲା, ମାଠିଆ ଖାଲି ହୋଇଗଲା। ଗୁରୁ ବୁଝାଇଲେ ଯେ ମନରେ ଛିଦ୍ର ଥିଲେ ଜ୍ଞାନ ରହେ ନାହିଁ।

ସଦ୍ଗୁରୁଙ୍କ ସହ ସମ୍ପର୍କ ହେଉଛି ଏକ ଆଧ୍ୟାତ୍ମିକ ଯାତ୍ରା। ଏଥିରେ ଧୈର୍ଯ୍ୟ, ବିଶ୍ୱାସ ଓ ଅନୁଶାସନ ଆବଶ୍ୟକ। ଯେଉଁ ଶିଷ୍ୟ ନିଜକୁ ସମ୍ପୂର୍ଣ୍ଣ ଭାବେ ସମର୍ପିତ କରେ, ତାର ଜୀବନ ଅବଶ୍ୟ ଫୁଟି ଉଠେ। ସେ ଶାନ୍ତି, ଆନନ୍ଦ ଓ ପ୍ରେମର ଅନୁଭବ କରେ। ସଂସାରରେ ରହି ମଧ୍ୟ ସେ ଅନାସକ୍ତ ଭାବେ ଜୀବନଯାପନ କରିପାରେ। ତେଣୁ ଗୁରୁଙ୍କୁ ଦୋଷ ନଦେଇ ନିଜ ଭିତରକୁ ଦେଖିବା ଦରକାର। ଆମେ କେତେ ଆନ୍ତରିକ, କେତେ ସମର୍ପିତ, ସେହି ପ୍ରଶ୍ନ ନିଜକୁ ପଚାରିବା ଉଚିତ। ଗୁରୁଙ୍କ ବାଣୀକୁ ଶୁଣିବା, ମନନ କରିବା ଓ ଜୀବନରେ ପ୍ରୟୋଗ କରିବା ହିଁ ପ୍ରକୃତ ଶିଷ୍ୟତ୍ୱ।

ସଦ୍ଗୁରୁ ଆମକୁ ଆମ ପ୍ରକୃତ ସ୍ୱରୂପ ସହ ପରିଚିତ କରାନ୍ତି। ସେ ଆମ ଭିତରେ ଲୁଚିଥିବା ଦିବ୍ୟତାକୁ ଜାଗ୍ରତ କରନ୍ତି। କିନ୍ତୁ ଏଥିପାଇଁ ଆମକୁ ମଧ୍ୟ ପ୍ରସ୍ତୁତ ହେବାକୁ ପଡ଼ିବ। ଜୀବନକୁ ସାଧନାମୟ କଲେ ଗୁରୁଙ୍କ କୃପା ନିଶ୍ଚିତ ଭାବେ ଫଳପ୍ରଦ ହୁଏ।
କଟକ, ଦୂରଭାଷ: ୯୪୩୭୦୭୯୫୫୬୨
